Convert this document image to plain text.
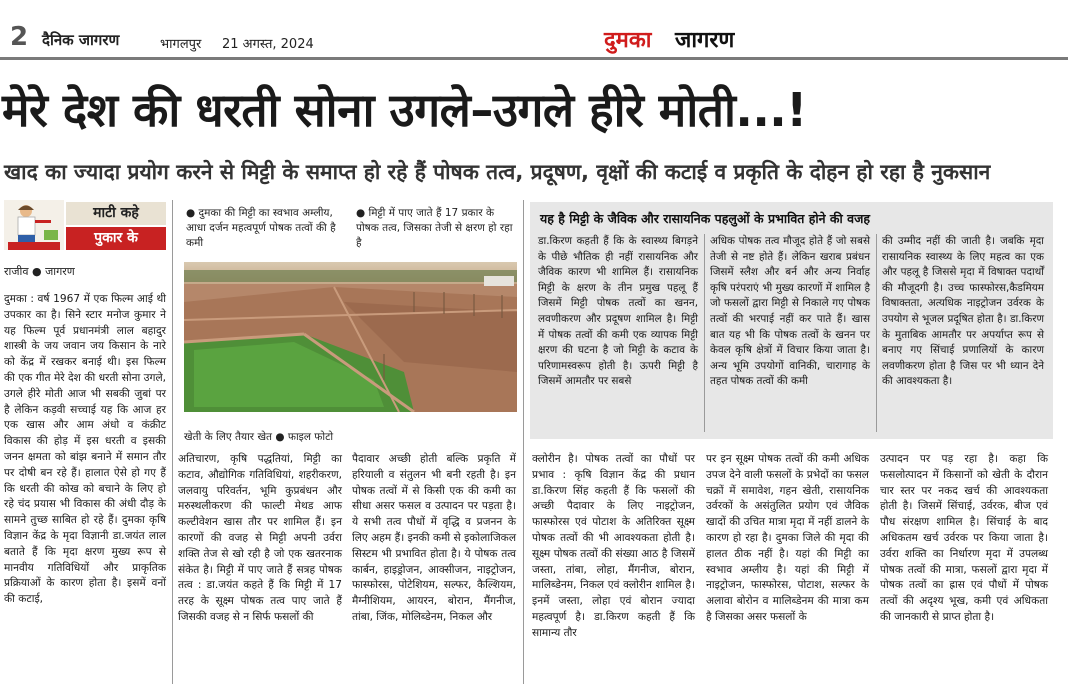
2 दैनिक जागरण	भागलपुर 21 अगस्त, 2024	दुमका जागरण
मेरे देश की धरती सोना उगले–उगले हीरे मोती...!
खाद का ज्यादा प्रयोग करने से मिट्टी के समाप्त हो रहे हैं पोषक तत्व, प्रदूषण, वृक्षों की कटाई व प्रकृति के दोहन हो रहा है नुकसान
माटी कहे
पुकार के
राजीव ● जागरण
● दुमका की मिट्टी का स्वभाव अम्लीय, आधा दर्जन महत्वपूर्ण पोषक तत्वों की है कमी
● मिट्टी में पाए जाते हैं 17 प्रकार के पोषक तत्व, जिसका तेजी से क्षरण हो रहा है
खेती के लिए तैयार खेत ● फाइल फोटो

दुमका : वर्ष 1967 में एक फिल्म आई थी उपकार का है। सिने स्टार मनोज कुमार ने यह फिल्म पूर्व प्रधानमंत्री लाल बहादुर शास्त्री के जय जवान जय किसान के नारे को केंद्र में रखकर बनाई थी। इस फिल्म की एक गीत मेरे देश की धरती सोना उगले, उगले हीरे मोती आज भी सबकी जुबां पर है लेकिन कड़वी सच्चाई यह कि आज हर एक खास और आम अंधो व कंक्रीट विकास की होड़ में इस धरती व इसकी जनन क्षमता को बांझ बनाने में समान तौर पर दोषी बन रहे हैं। हालात ऐसे हो गए हैं कि धरती की कोख को बचाने के लिए हो रहे चंद प्रयास भी विकास की अंधी दौड़ के सामने तुच्छ साबित हो रहे हैं। दुमका कृषि विज्ञान केंद्र के मृदा विज्ञानी डा.जयंत लाल बताते हैं कि मृदा क्षरण मुख्य रूप से मानवीय गतिविधियों और प्राकृतिक प्रक्रियाओं के कारण होता है। इसमें वनों की कटाई,

अतिचारण, कृषि पद्धतियां, मिट्टी का कटाव, औद्योगिक गतिविधियां, शहरीकरण, जलवायु परिवर्तन, भूमि कुप्रबंधन और मरुस्थलीकरण की फाल्टी मेथड आफ कल्टीवेशन खास तौर पर शामिल हैं। इन कारणों की वजह से मिट्टी अपनी उर्वरा शक्ति तेज से खो रही है जो एक खतरनाक संकेत है। मिट्टी में पाए जाते हैं सत्रह पोषक तत्व : डा.जयंत कहते हैं कि मिट्टी में 17 तरह के सूक्ष्म पोषक तत्व पाए जाते हैं जिसकी वजह से न सिर्फ फसलों की

पैदावार अच्छी होती बल्कि प्रकृति में हरियाली व संतुलन भी बनी रहती है। इन पोषक तत्वों में से किसी एक की कमी का सीधा असर फसल व उत्पादन पर पड़ता है। ये सभी तत्व पौधों में वृद्धि व प्रजनन के लिए अहम हैं। इनकी कमी से इकोलाजिकल सिस्टम भी प्रभावित होता है। ये पोषक तत्व कार्बन, हाइड्रोजन, आक्सीजन, नाइट्रोजन, फास्फोरस, पोटेशियम, सल्फर, कैल्शियम, मैग्नीशियम, आयरन, बोरान, मैंगनीज, तांबा, जिंक, मोलिब्डेनम, निकल और

क्लोरीन है। पोषक तत्वों का पौधों पर प्रभाव : कृषि विज्ञान केंद्र की प्रधान डा.किरण सिंह कहती हैं कि फसलों की अच्छी पैदावार के लिए नाइट्रोजन, फास्फोरस एवं पोटाश के अतिरिक्त सूक्ष्म पोषक तत्वों की भी आवश्यकता होती है। सूक्ष्म पोषक तत्वों की संख्या आठ है जिसमें जस्ता, तांबा, लोहा, मैंगनीज, बोरान, मालिब्डेनम, निकल एवं क्लोरीन शामिल है। इनमें जस्ता, लोहा एवं बोरान ज्यादा महत्वपूर्ण है। डा.किरण कहती हैं कि सामान्य तौर

पर इन सूक्ष्म पोषक तत्वों की कमी अधिक उपज देने वाली फसलों के प्रभेदों का फसल चक्रों में समावेश, गहन खेती, रासायनिक उर्वरकों के असंतुलित प्रयोग एवं जैविक खादों की उचित मात्रा मृदा में नहीं डालने के कारण हो रहा है। दुमका जिले की मृदा की हालत ठीक नहीं है। यहां की मिट्टी का स्वभाव अम्लीय है। यहां की मिट्टी में नाइट्रोजन, फास्फोरस, पोटाश, सल्फर के अलावा बोरोन व मालिब्डेनम की मात्रा कम है जिसका असर फसलों के

उत्पादन पर पड़ रहा है। कहा कि फसलोत्पादन में किसानों को खेती के दौरान चार स्तर पर नकद खर्च की आवश्यकता होती है। जिसमें सिंचाई, उर्वरक, बीज एवं पौध संरक्षण शामिल है। सिंचाई के बाद अधिकतम खर्च उर्वरक पर किया जाता है। उर्वरा शक्ति का निर्धारण मृदा में उपलब्ध पोषक तत्वों की मात्रा, फसलों द्वारा मृदा में पोषक तत्वों का ह्रास एवं पौधों में पोषक तत्वों की अदृश्य भूख, कमी एवं अधिकता की जानकारी से प्राप्त होता है।

यह है मिट्टी के जैविक और रासायनिक पहलुओं के प्रभावित होने की वजह

डा.किरण कहती हैं कि के स्वास्थ्य बिगड़ने के पीछे भौतिक ही नहीं रासायनिक और जैविक कारण भी शामिल हैं। रासायनिक मिट्टी के क्षरण के तीन प्रमुख पहलू हैं जिसमें मिट्टी पोषक तत्वों का खनन, लवणीकरण और प्रदूषण शामिल है। मिट्टी में पोषक तत्वों की कमी एक व्यापक मिट्टी क्षरण की घटना है जो मिट्टी के कटाव के परिणामस्वरूप होती है। ऊपरी मिट्टी है जिसमें आमतौर पर सबसे

अधिक पोषक तत्व मौजूद होते हैं जो सबसे तेजी से नष्ट होते हैं। लेकिन खराब प्रबंधन जिसमें स्लैश और बर्न और अन्य निर्वाह कृषि परंपराएं भी मुख्य कारणों में शामिल है जो फसलों द्वारा मिट्टी से निकाले गए पोषक तत्वों की भरपाई नहीं कर पाते हैं। खास बात यह भी कि पोषक तत्वों के खनन पर केवल कृषि क्षेत्रों में विचार किया जाता है। अन्य भूमि उपयोगों वानिकी, चारागाह के तहत पोषक तत्वों की कमी

की उम्मीद नहीं की जाती है। जबकि मृदा रासायनिक स्वास्थ्य के लिए महत्व का एक और पहलू है जिससे मृदा में विषाक्त पदार्थों की मौजूदगी है। उच्च फास्फोरस,कैडमियम विषाक्तता, अत्यधिक नाइट्रोजन उर्वरक के उपयोग से भूजल प्रदूषित होता है। डा.किरण के मुताबिक आमतौर पर अपर्याप्त रूप से बनाए गए सिंचाई प्रणालियों के कारण लवणीकरण होता है जिस पर भी ध्यान देने की आवश्यकता है।
